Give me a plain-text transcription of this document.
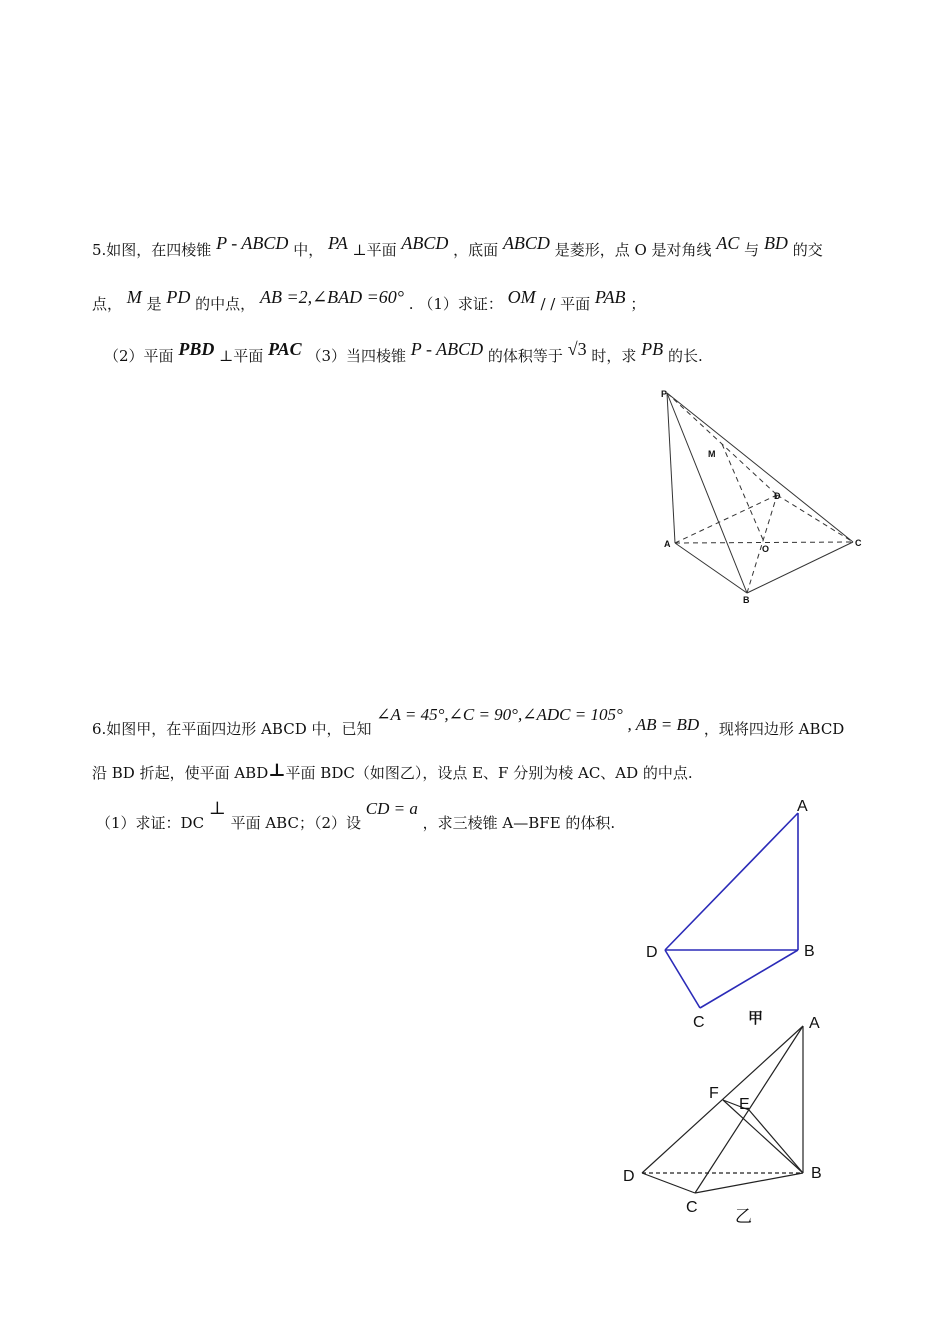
5.如图，在四棱锥 P - ABCD 中， PA ⊥平面 ABCD ，底面 ABCD 是菱形，点 O 是对角线 AC 与 BD 的交
点， M 是 PD 的中点， AB =2,∠BAD =60° . （1）求证： OM / / 平面 PAB ；
（2）平面 PBD ⊥平面 PAC （3）当四棱锥 P - ABCD 的体积等于 √3 时，求 PB 的长.
P
M
D
A	O
C
B
6.如图甲，在平面四边形 ABCD 中，已知 ∠A = 45°,∠C = 90°,∠ADC = 105° , AB = BD ，现将四边形 ABCD
沿 BD 折起，使平面 ABD⊥平面 BDC（如图乙），设点 E、F 分别为棱 AC、AD 的中点.
（1）求证：DC ⊥ 平面 ABC；（2）设 CD = a ，求三棱锥 A—BFE 的体积.
A
D	B
C	甲	A
F
E
D	B
C 乙
